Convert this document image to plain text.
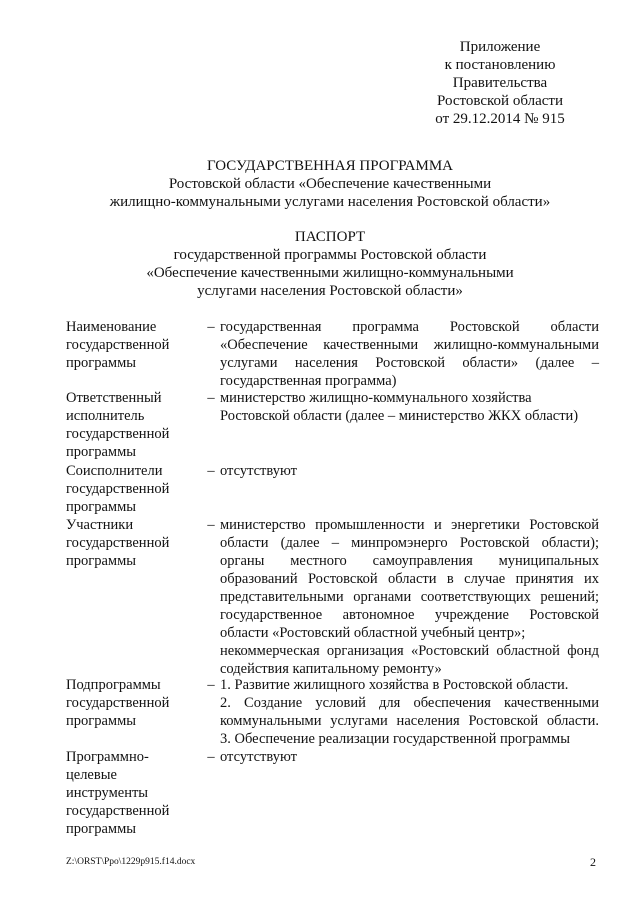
Приложение
к постановлению
Правительства
Ростовской области
от 29.12.2014 № 915
ГОСУДАРСТВЕННАЯ ПРОГРАММА
Ростовской области «Обеспечение качественными
жилищно-коммунальными услугами населения Ростовской области»
ПАСПОРТ
государственной программы Ростовской области
«Обеспечение качественными жилищно-коммунальными
услугами населения Ростовской области»
Наименование
государственной
программы
– государственная программа Ростовской области
«Обеспечение качественными жилищно-коммунальными
услугами населения Ростовской области» (далее –
государственная программа)
Ответственный
исполнитель
государственной
программы
– министерство жилищно-коммунального хозяйства
Ростовской области (далее – министерство ЖКХ области)
Соисполнители
государственной
программы
– отсутствуют
Участники
государственной
программы
– министерство промышленности и энергетики Ростовской
области (далее – минпромэнерго Ростовской области);
органы местного самоуправления муниципальных
образований Ростовской области в случае принятия их
представительными органами соответствующих решений;
государственное автономное учреждение Ростовской
области «Ростовский областной учебный центр»;
некоммерческая организация «Ростовский областной фонд
содействия капитальному ремонту»
Подпрограммы
государственной
программы
– 1. Развитие жилищного хозяйства в Ростовской области.
2. Создание условий для обеспечения качественными
коммунальными услугами населения Ростовской области.
3. Обеспечение реализации государственной программы
Программно-
целевые
инструменты
государственной
программы
– отсутствуют
Z:\ORST\Ppo\1229p915.f14.docx	2
